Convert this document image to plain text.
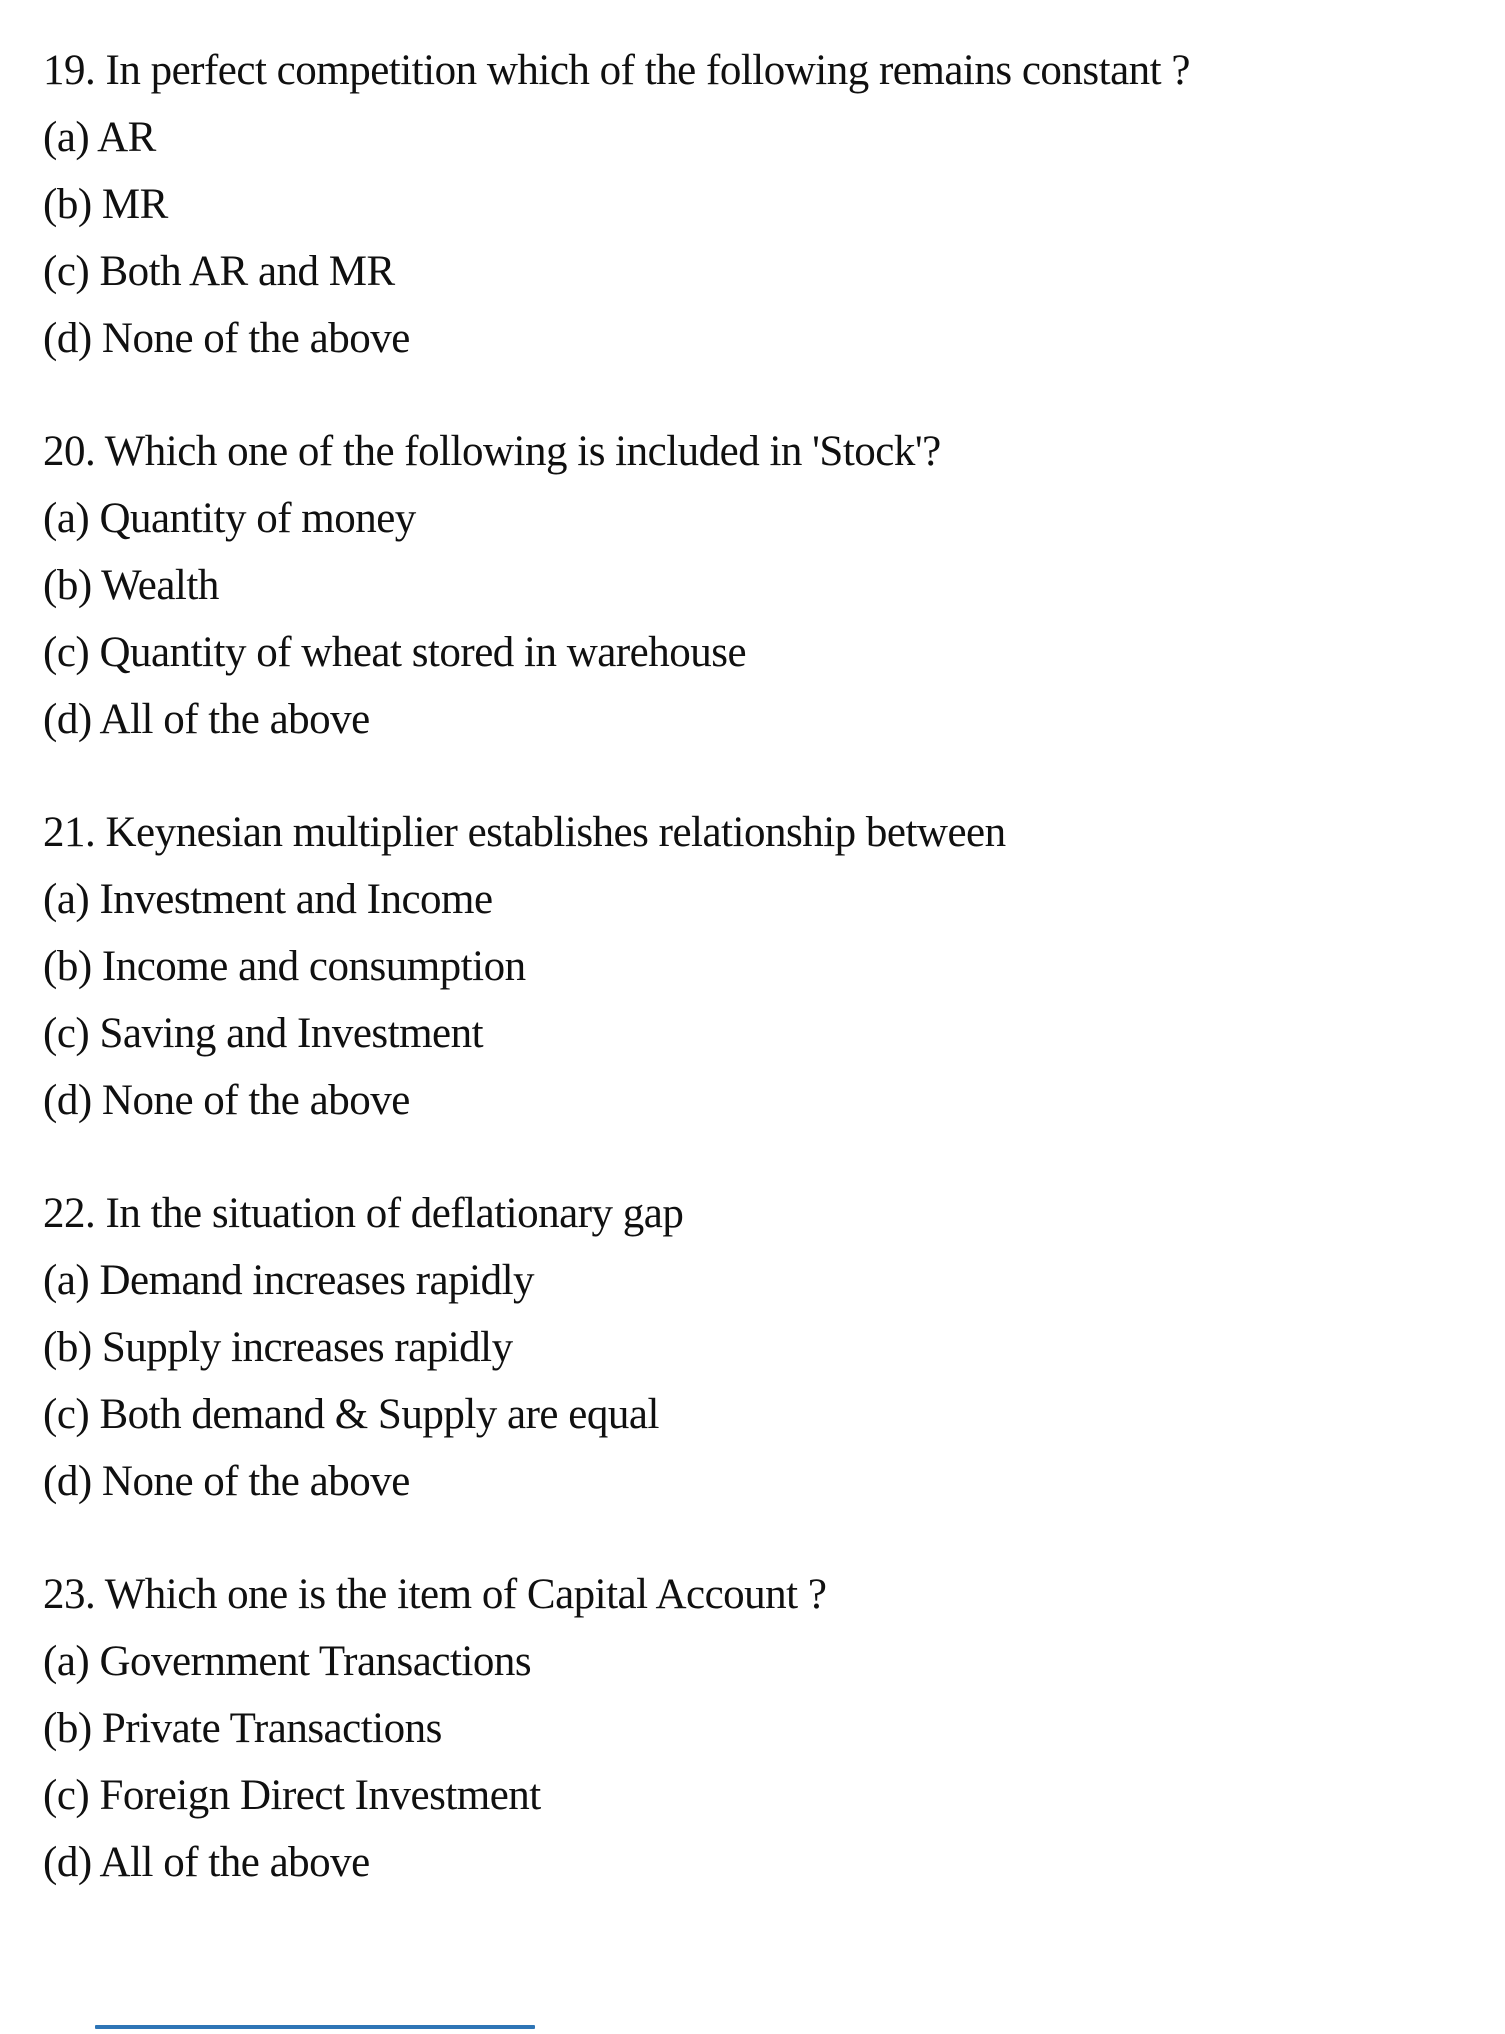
19. In perfect competition which of the following remains constant ?

(a) AR

(b) MR

(c) Both AR and MR

(d) None of the above

20. Which one of the following is included in 'Stock'?

(a) Quantity of money

(b) Wealth

(c) Quantity of wheat stored in warehouse

(d) All of the above

21. Keynesian multiplier establishes relationship between

(a) Investment and Income

(b) Income and consumption

(c) Saving and Investment

(d) None of the above

22. In the situation of deflationary gap

(a) Demand increases rapidly

(b) Supply increases rapidly

(c) Both demand & Supply are equal

(d) None of the above

23. Which one is the item of Capital Account ?

(a) Government Transactions

(b) Private Transactions

(c) Foreign Direct Investment

(d) All of the above
